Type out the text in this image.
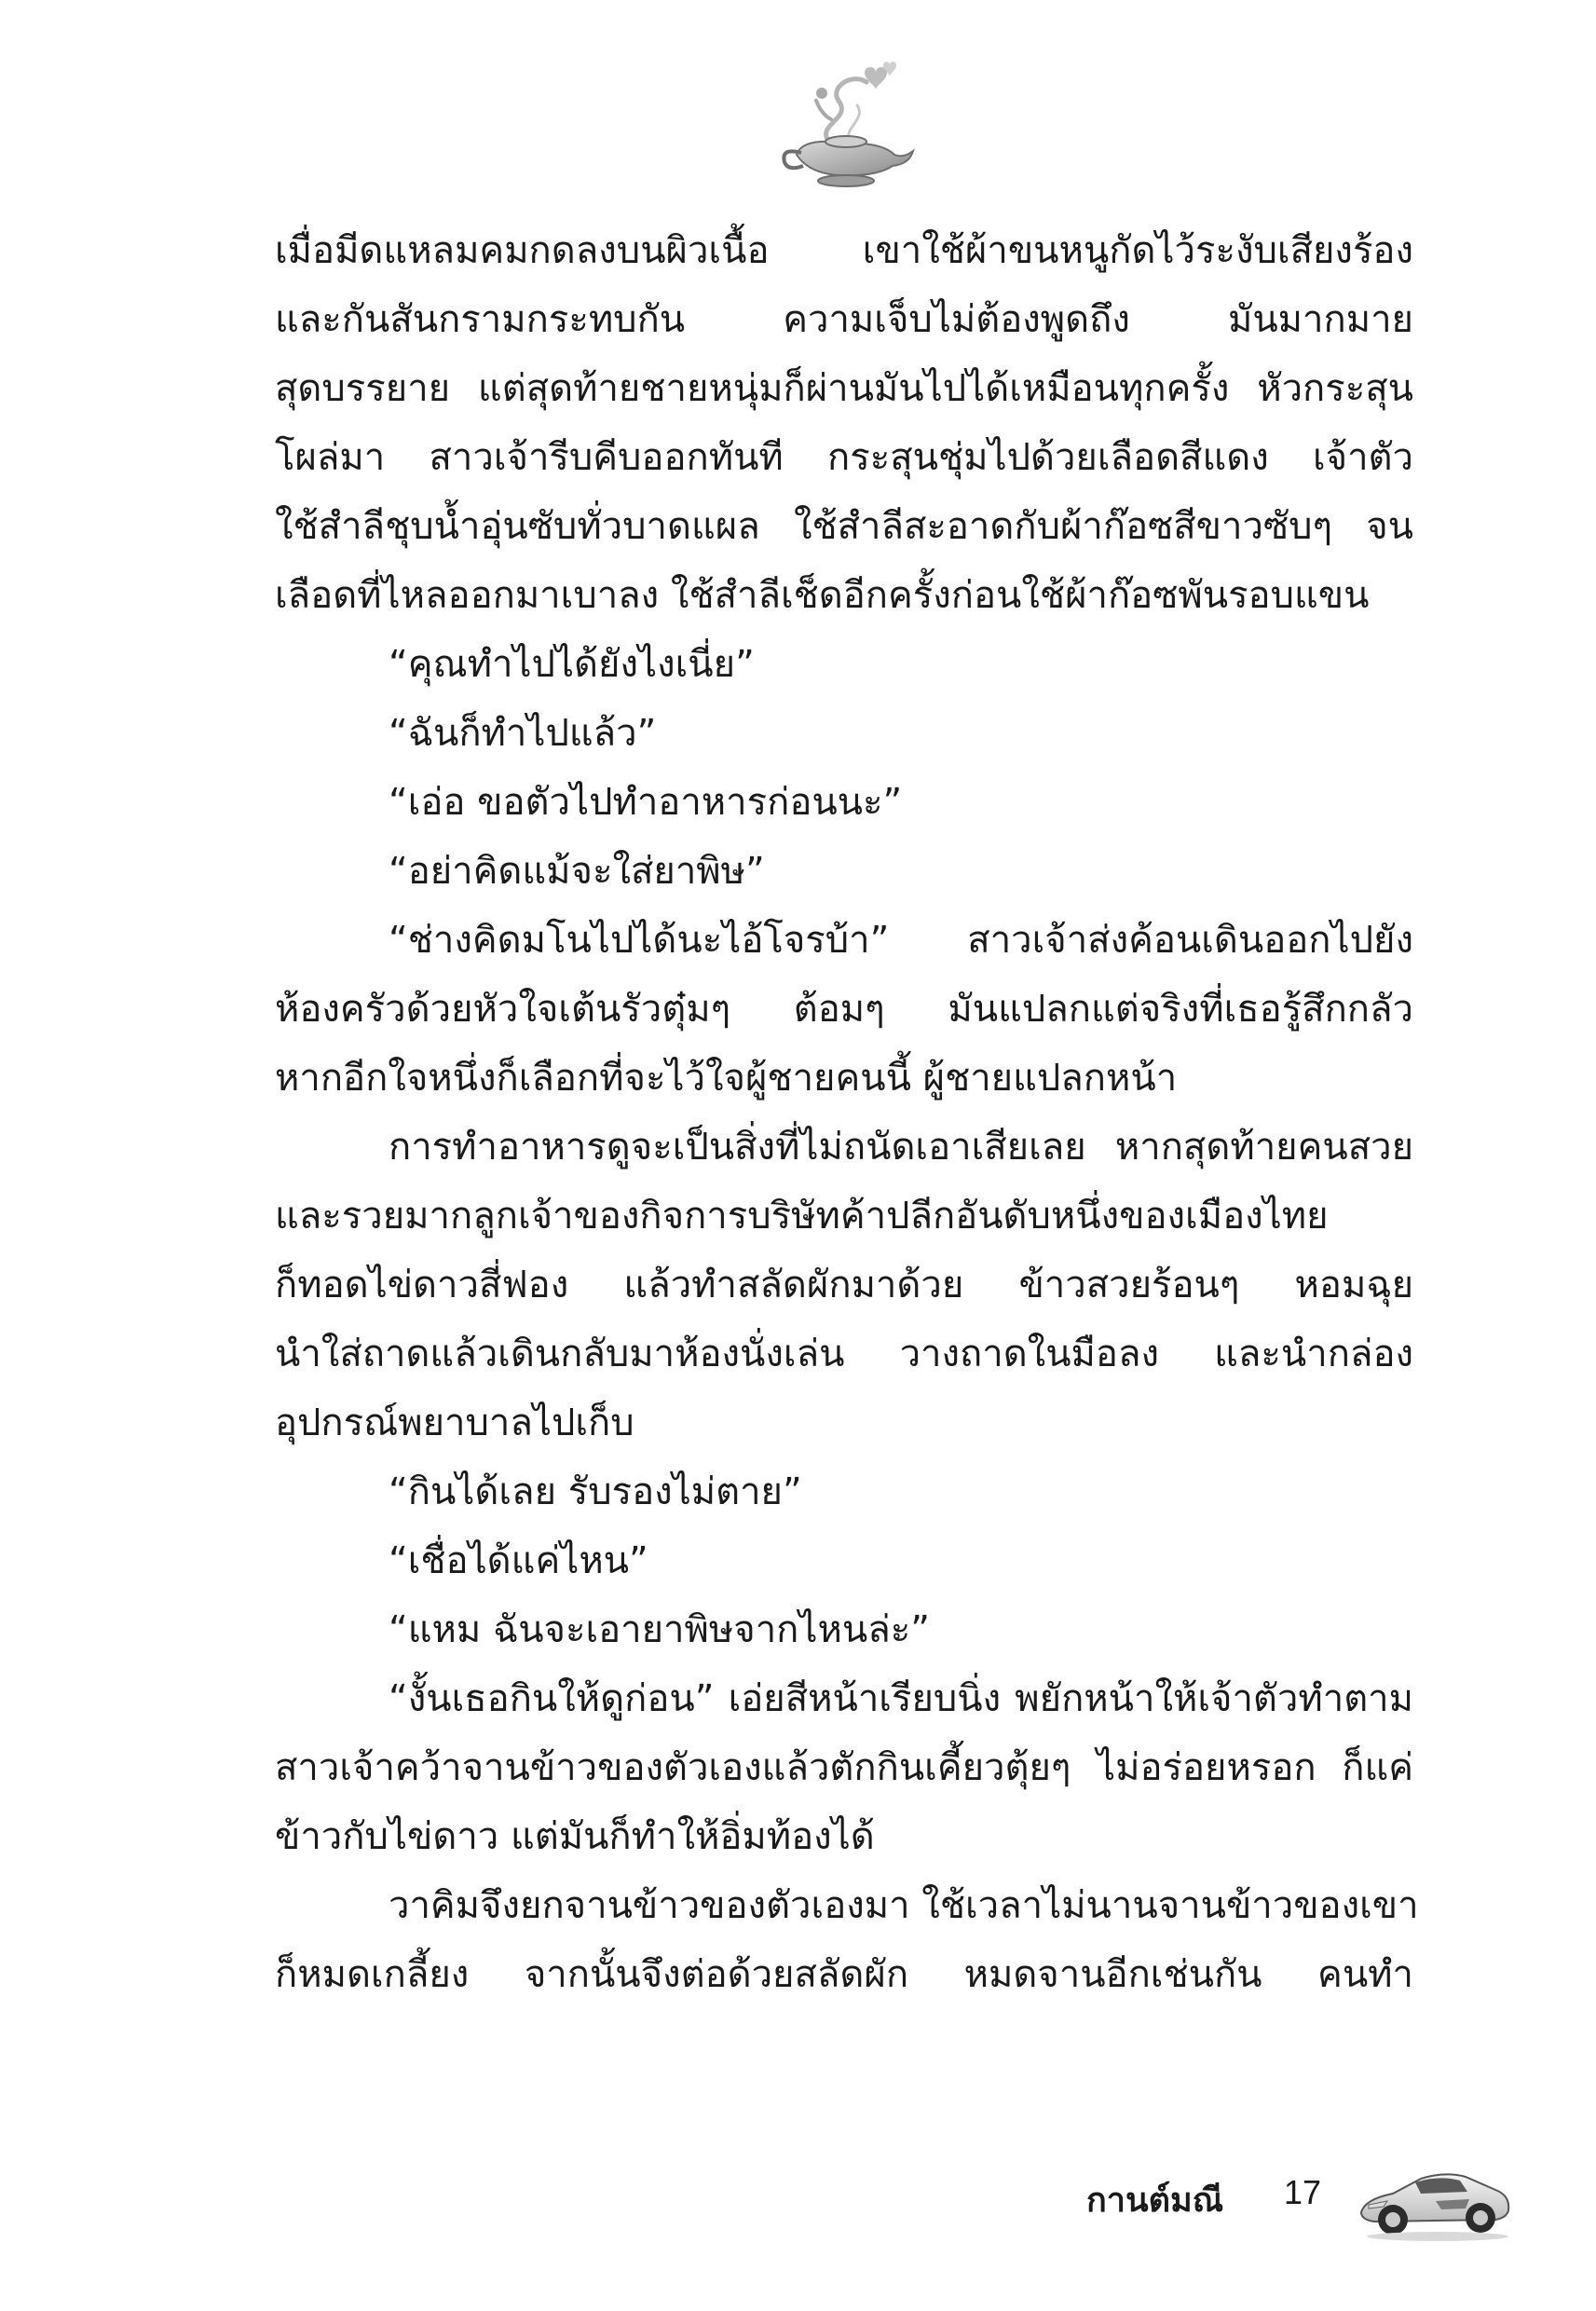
เมื่อมีดแหลมคมกดลงบนผิวเนื้อ เขาใช้ผ้าขนหนูกัดไว้ระงับเสียงร้อง
และกันสันกรามกระทบกัน ความเจ็บไม่ต้องพูดถึง มันมากมาย
สุดบรรยาย แต่สุดท้ายชายหนุ่มก็ผ่านมันไปได้เหมือนทุกครั้ง หัวกระสุน
โผล่มา สาวเจ้ารีบคีบออกทันที กระสุนชุ่มไปด้วยเลือดสีแดง เจ้าตัว
ใช้สำลีชุบน้ำอุ่นซับทั่วบาดแผล ใช้สำลีสะอาดกับผ้าก๊อซสีขาวซับๆ จน
เลือดที่ไหลออกมาเบาลง ใช้สำลีเช็ดอีกครั้งก่อนใช้ผ้าก๊อซพันรอบแขน
“คุณทำไปได้ยังไงเนี่ย”
“ฉันก็ทำไปแล้ว”
“เอ่อ ขอตัวไปทำอาหารก่อนนะ”
“อย่าคิดแม้จะใส่ยาพิษ”
“ช่างคิดมโนไปได้นะไอ้โจรบ้า” สาวเจ้าส่งค้อนเดินออกไปยัง
ห้องครัวด้วยหัวใจเต้นรัวตุ๋มๆ ต้อมๆ มันแปลกแต่จริงที่เธอรู้สึกกลัว
หากอีกใจหนึ่งก็เลือกที่จะไว้ใจผู้ชายคนนี้ ผู้ชายแปลกหน้า
การทำอาหารดูจะเป็นสิ่งที่ไม่ถนัดเอาเสียเลย หากสุดท้ายคนสวย
และรวยมากลูกเจ้าของกิจการบริษัทค้าปลีกอันดับหนึ่งของเมืองไทย
ก็ทอดไข่ดาวสี่ฟอง แล้วทำสลัดผักมาด้วย ข้าวสวยร้อนๆ หอมฉุย
นำใส่ถาดแล้วเดินกลับมาห้องนั่งเล่น วางถาดในมือลง และนำกล่อง
อุปกรณ์พยาบาลไปเก็บ
“กินได้เลย รับรองไม่ตาย”
“เชื่อได้แค่ไหน”
“แหม ฉันจะเอายาพิษจากไหนล่ะ”
“งั้นเธอกินให้ดูก่อน” เอ่ยสีหน้าเรียบนิ่ง พยักหน้าให้เจ้าตัวทำตาม
สาวเจ้าคว้าจานข้าวของตัวเองแล้วตักกินเคี้ยวตุ้ยๆ ไม่อร่อยหรอก ก็แค่
ข้าวกับไข่ดาว แต่มันก็ทำให้อิ่มท้องได้
วาคิมจึงยกจานข้าวของตัวเองมา ใช้เวลาไม่นานจานข้าวของเขา
ก็หมดเกลี้ยง จากนั้นจึงต่อด้วยสลัดผัก หมดจานอีกเช่นกัน คนทำ
กานต์มณี 17
